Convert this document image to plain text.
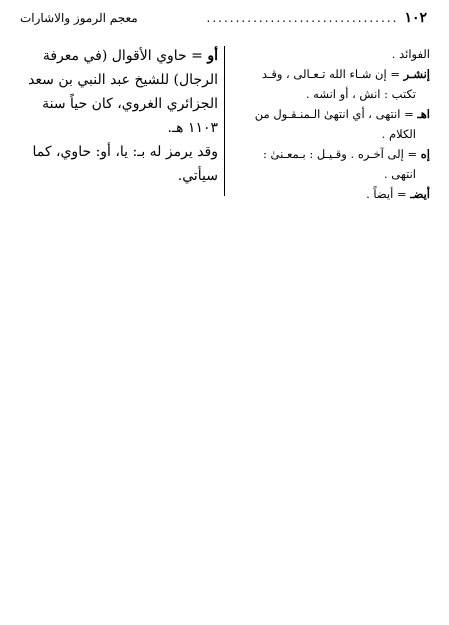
١٠٢
.................................
معجم الرموز والاشارات

الفوائد .

إنشـر = إن شـاء الله تـعـالى ، وقـد

تكتب : انش ، أو انشه .

اهـ = انتهى ، أي انتهىٰ الـمنـقـول من

الكلام .

إه = إلى آخـره . وقـيـل : بـمعـنىٰ :

انتهى .

أيضـ = أيضاً .

أو = حاوي الأقوال (في معرفة

الرجال) للشيخ عبد النبي بن سعد

الجزائري الغروي، كان حياً سنة

١١٠٣ هـ.

وقد يرمز له بـ: يا، أو: حاوي، كما

سيأتي.
